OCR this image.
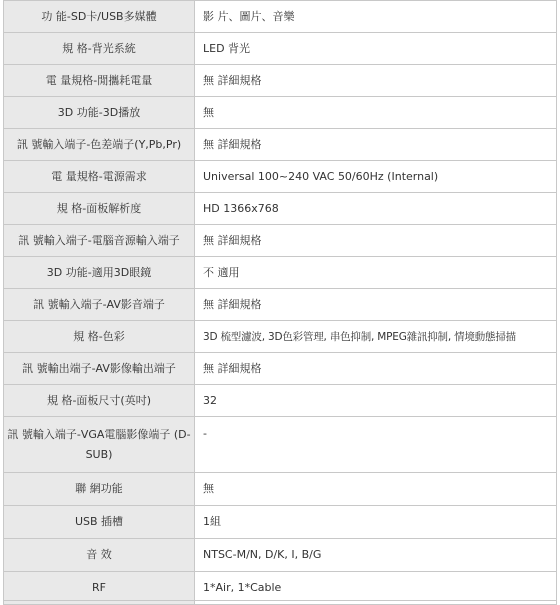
功 能-SD卡/USB多媒體	影 片、圖片、音樂
規 格-背光系統	LED 背光
電 量規格-閒攜耗電量	無 詳細規格
3D 功能-3D播放	無
訊 號輸入端子-色差端子(Y,Pb,Pr)	無 詳細規格
電 量規格-電源需求	Universal 100~240 VAC 50/60Hz (Internal)
規 格-面板解析度	HD 1366x768
訊 號輸入端子-電腦音源輸入端子	無 詳細規格
3D 功能-適用3D眼鏡	不 適用
訊 號輸入端子-AV影音端子	無 詳細規格
規 格-色彩	3D 梳型濾波, 3D色彩管理, 串色抑制, MPEG雜訊抑制, 情境動態掃描
訊 號輸出端子-AV影像輸出端子	無 詳細規格
規 格-面板尺寸(英吋)	32
訊 號輸入端子-VGA電腦影像端子 (D-SUB)	-
聯 網功能	無
USB 插槽	1組
音 效	NTSC-M/N, D/K, I, B/G
RF	1*Air, 1*Cable
